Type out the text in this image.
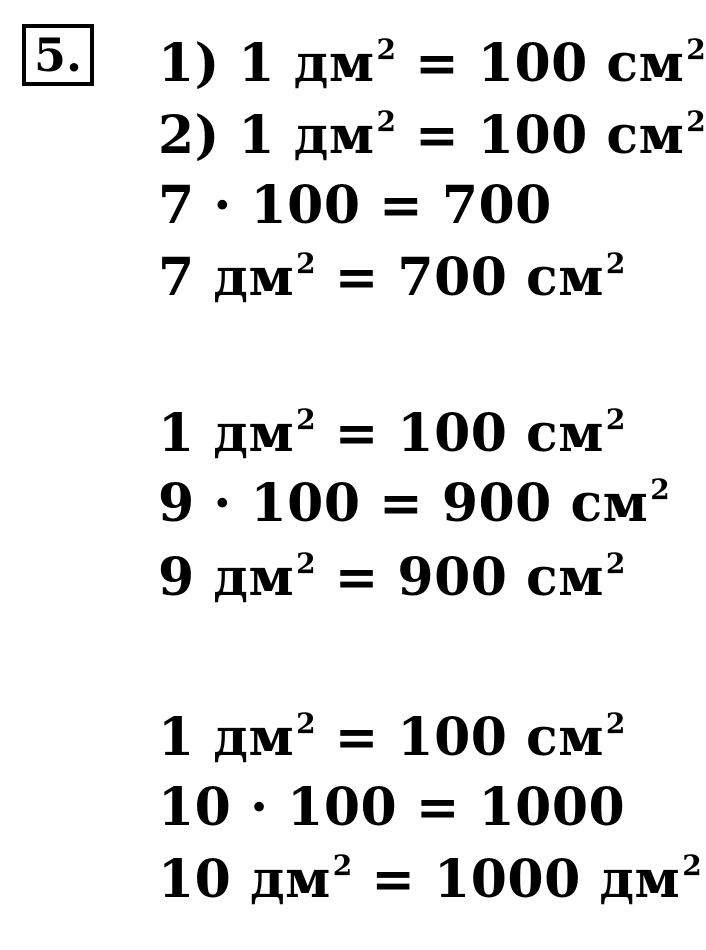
5. 1) 1 $дм^2 = 100$ $см^2$
2) 1 $дм^2 = 100$ $см^2$
7 · 100 = 700
7 $дм^2 = 700$ $см^2$
1 $дм^2 = 100$ $см^2$
9 · 100 = 900 $см^2$
9 $дм^2 = 900$ $см^2$
1 $дм^2 = 100$ $см^2$
10 · 100 = 1000
10 $дм^2 = 1000$ $дм^2$
